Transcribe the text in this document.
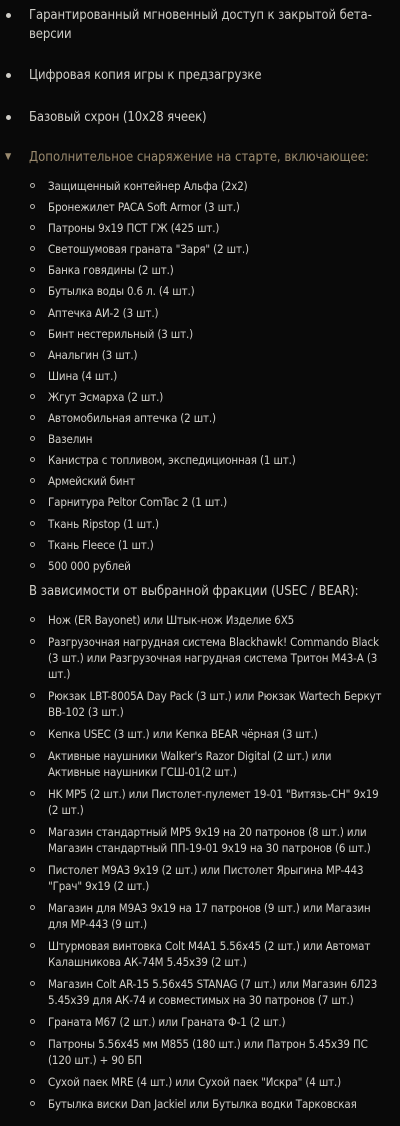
Гарантированный мгновенный доступ к закрытой бета-версии
Цифровая копия игры к предзагрузке
Базовый схрон (10x28 ячеек)
▼ Дополнительное снаряжение на старте, включающее:
Защищенный контейнер Альфа (2x2)
Бронежилет PACA Soft Armor (3 шт.)
Патроны 9x19 ПСТ ГЖ (425 шт.)
Светошумовая граната "Заря" (2 шт.)
Банка говядины (2 шт.)
Бутылка воды 0.6 л. (4 шт.)
Аптечка АИ-2 (3 шт.)
Бинт нестерильный (3 шт.)
Анальгин (3 шт.)
Шина (4 шт.)
Жгут Эсмарха (2 шт.)
Автомобильная аптечка (2 шт.)
Вазелин
Канистра с топливом, экспедиционная (1 шт.)
Армейский бинт
Гарнитура Peltor ComTac 2 (1 шт.)
Ткань Ripstop (1 шт.)
Ткань Fleece (1 шт.)
500 000 рублей
В зависимости от выбранной фракции (USEC / BEAR):
Нож (ER Bayonet) или Штык-нож Изделие 6Х5
Разгрузочная нагрудная система Blackhawk! Commando Black (3 шт.) или Разгрузочная нагрудная система Тритон М43-А (3 шт.)
Рюкзак LBT-8005A Day Pack (3 шт.) или Рюкзак Wartech Беркут ВВ-102 (3 шт.)
Кепка USEC (3 шт.) или Кепка BEAR чёрная (3 шт.)
Активные наушники Walker's Razor Digital (2 шт.) или Активные наушники ГСШ-01(2 шт.)
HK MP5 (2 шт.) или Пистолет-пулемет 19-01 "Витязь-СН" 9x19 (2 шт.)
Магазин стандартный MP5 9x19 на 20 патронов (8 шт.) или Магазин стандартный ПП-19-01 9x19 на 30 патронов (6 шт.)
Пистолет M9A3 9x19 (2 шт.) или Пистолет Ярыгина MP-443 "Грач" 9x19 (2 шт.)
Магазин для M9A3 9x19 на 17 патронов (9 шт.) или Магазин для MP-443 (9 шт.)
Штурмовая винтовка Colt M4A1 5.56x45 (2 шт.) или Автомат Калашникова АК-74М 5.45x39 (2 шт.)
Магазин Colt AR-15 5.56x45 STANAG (7 шт.) или Магазин 6Л23 5.45x39 для АК-74 и совместимых на 30 патронов (7 шт.)
Граната M67 (2 шт.) или Граната Ф-1 (2 шт.)
Патроны 5.56x45 мм M855 (180 шт.) или Патрон 5.45x39 ПС (120 шт.) + 90 БП
Сухой паек MRE (4 шт.) или Сухой паек "Искра" (4 шт.)
Бутылка виски Dan Jackiel или Бутылка водки Тарковская
